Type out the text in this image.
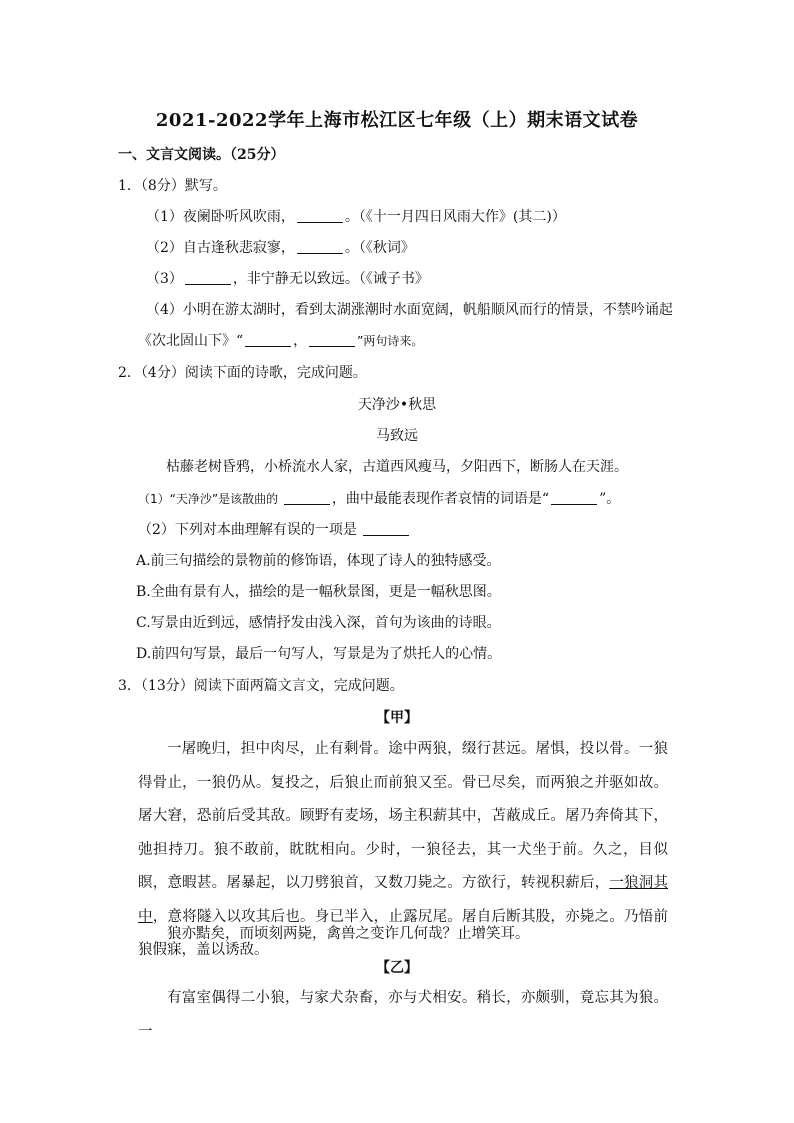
2021-2022学年上海市松江区七年级（上）期末语文试卷
一、文言文阅读。（25分）
1．（8分）默写。
（1）夜阑卧听风吹雨，	。（《十一月四日风雨大作》(其二)）
（2）自古逢秋悲寂寥，	。（《秋词》
（3）	，非宁静无以致远。（《诫子书》
（4）小明在游太湖时，看到太湖涨潮时水面宽阔，帆船顺风而行的情景，不禁吟诵起
《次北固山下》“	，	”两句诗来。
2．（4分）阅读下面的诗歌，完成问题。
天净沙•秋思
马致远
枯藤老树昏鸦，小桥流水人家，古道西风瘦马，夕阳西下，断肠人在天涯。
（1）“天净沙”是该散曲的	，曲中最能表现作者哀情的词语是“	”。
（2）下列对本曲理解有误的一项是
A.前三句描绘的景物前的修饰语，体现了诗人的独特感受。
B.全曲有景有人，描绘的是一幅秋景图，更是一幅秋思图。
C.写景由近到远，感情抒发由浅入深，首句为该曲的诗眼。
D.前四句写景，最后一句写人，写景是为了烘托人的心情。
3．（13分）阅读下面两篇文言文，完成问题。
【甲】
一屠晚归，担中肉尽，止有剩骨。途中两狼，缀行甚远。屠惧，投以骨。一狼得骨止，一狼仍从。复投之，后狼止而前狼又至。骨已尽矣，而两狼之并驱如故。屠大窘，恐前后受其敌。顾野有麦场，场主积薪其中，苫蔽成丘。屠乃奔倚其下，弛担持刀。狼不敢前，眈眈相向。少时，一狼径去，其一犬坐于前。久之，目似瞑，意暇甚。屠暴起，以刀劈狼首，又数刀毙之。方欲行，转视积薪后，一狼洞其中，意将隧入以攻其后也。身已半入，止露尻尾。屠自后断其股，亦毙之。乃悟前狼假寐，盖以诱敌。
狼亦黠矣，而顷刻两毙，禽兽之变诈几何哉？止增笑耳。
【乙】
有富室偶得二小狼，与家犬杂畜，亦与犬相安。稍长，亦颇驯，竟忘其为狼。一
